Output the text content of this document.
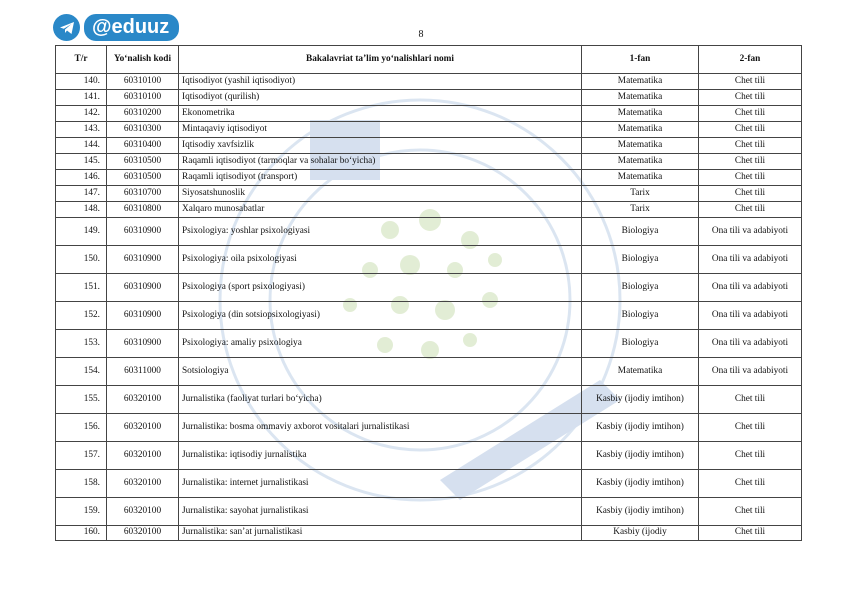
@eduuz	8
T/r	Yo‘nalish kodi	Bakalavriat ta’lim yo‘nalishlari nomi	1-fan	2-fan
140.	60310100	Iqtisodiyot (yashil iqtisodiyot)	Matematika	Chet tili
141.	60310100	Iqtisodiyot (qurilish)	Matematika	Chet tili
142.	60310200	Ekonometrika	Matematika	Chet tili
143.	60310300	Mintaqaviy iqtisodiyot	Matematika	Chet tili
144.	60310400	Iqtisodiy xavfsizlik	Matematika	Chet tili
145.	60310500	Raqamli iqtisodiyot (tarmoqlar va sohalar bo‘yicha)	Matematika	Chet tili
146.	60310500	Raqamli iqtisodiyot (transport)	Matematika	Chet tili
147.	60310700	Siyosatshunoslik	Tarix	Chet tili
148.	60310800	Xalqaro munosabatlar	Tarix	Chet tili
149.	60310900	Psixologiya: yoshlar psixologiyasi	Biologiya	Ona tili va adabiyoti
150.	60310900	Psixologiya: oila psixologiyasi	Biologiya	Ona tili va adabiyoti
151.	60310900	Psixologiya (sport psixologiyasi)	Biologiya	Ona tili va adabiyoti
152.	60310900	Psixologiya (din sotsiopsixologiyasi)	Biologiya	Ona tili va adabiyoti
153.	60310900	Psixologiya: amaliy psixologiya	Biologiya	Ona tili va adabiyoti
154.	60311000	Sotsiologiya	Matematika	Ona tili va adabiyoti
155.	60320100	Jurnalistika (faoliyat turlari bo‘yicha)	Kasbiy (ijodiy imtihon)	Chet tili
156.	60320100	Jurnalistika: bosma ommaviy axborot vositalari jurnalistikasi	Kasbiy (ijodiy imtihon)	Chet tili
157.	60320100	Jurnalistika: iqtisodiy jurnalistika	Kasbiy (ijodiy imtihon)	Chet tili
158.	60320100	Jurnalistika: internet jurnalistikasi	Kasbiy (ijodiy imtihon)	Chet tili
159.	60320100	Jurnalistika: sayohat jurnalistikasi	Kasbiy (ijodiy imtihon)	Chet tili
160.	60320100	Jurnalistika: san’at jurnalistikasi	Kasbiy (ijodiy	Chet tili
